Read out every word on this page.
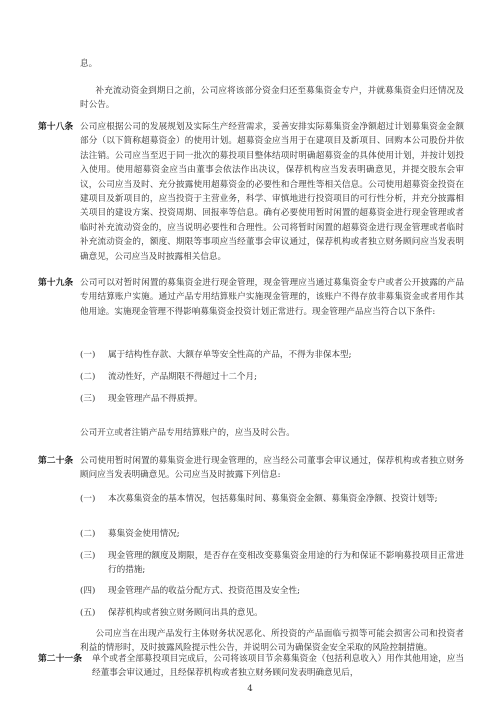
息。

补充流动资金到期日之前，公司应将该部分资金归还至募集资金专户，并就募集资金归还情况及时公告。

第十八条 公司应根据公司的发展规划及实际生产经营需求，妥善安排实际募集资金净额超过计划募集资金金额部分（以下简称超募资金）的使用计划。超募资金应当用于在建项目及新项目、回购本公司股份并依法注销。公司应当至迟于同一批次的募投项目整体结项时明确超募资金的具体使用计划，并按计划投入使用。使用超募资金应当由董事会依法作出决议，保荐机构应当发表明确意见，并提交股东会审议，公司应当及时、充分披露使用超募资金的必要性和合理性等相关信息。公司使用超募资金投资在建项目及新项目的，应当投资于主营业务，科学、审慎地进行投资项目的可行性分析，并充分披露相关项目的建设方案、投资周期、回报率等信息。确有必要使用暂时闲置的超募资金进行现金管理或者临时补充流动资金的，应当说明必要性和合理性。公司将暂时闲置的超募资金进行现金管理或者临时补充流动资金的，额度、期限等事项应当经董事会审议通过，保荐机构或者独立财务顾问应当发表明确意见，公司应当及时披露相关信息。

第十九条 公司可以对暂时闲置的募集资金进行现金管理，现金管理应当通过募集资金专户或者公开披露的产品专用结算账户实施。通过产品专用结算账户实施现金管理的，该账户不得存放非募集资金或者用作其他用途。实施现金管理不得影响募集资金投资计划正常进行。现金管理产品应当符合以下条件:

(一)	属于结构性存款、大额存单等安全性高的产品，不得为非保本型;
(二)	流动性好，产品期限不得超过十二个月;
(三)	现金管理产品不得质押。

公司开立或者注销产品专用结算账户的，应当及时公告。

第二十条 公司使用暂时闲置的募集资金进行现金管理的，应当经公司董事会审议通过，保荐机构或者独立财务顾问应当发表明确意见。公司应当及时披露下列信息:

(一)	本次募集资金的基本情况，包括募集时间、募集资金金额、募集资金净额、投资计划等;
(二)	募集资金使用情况;
(三)	现金管理的额度及期限，是否存在变相改变募集资金用途的行为和保证不影响募投项目正常进行的措施;
(四)	现金管理产品的收益分配方式、投资范围及安全性;
(五)	保荐机构或者独立财务顾问出具的意见。

公司应当在出现产品发行主体财务状况恶化、所投资的产品面临亏损等可能会损害公司和投资者利益的情形时，及时披露风险提示性公告，并说明公司为确保资金安全采取的风险控制措施。

第二十一条 单个或者全部募投项目完成后，公司将该项目节余募集资金（包括利息收入）用作其他用途，应当经董事会审议通过，且经保荐机构或者独立财务顾问发表明确意见后，

4
